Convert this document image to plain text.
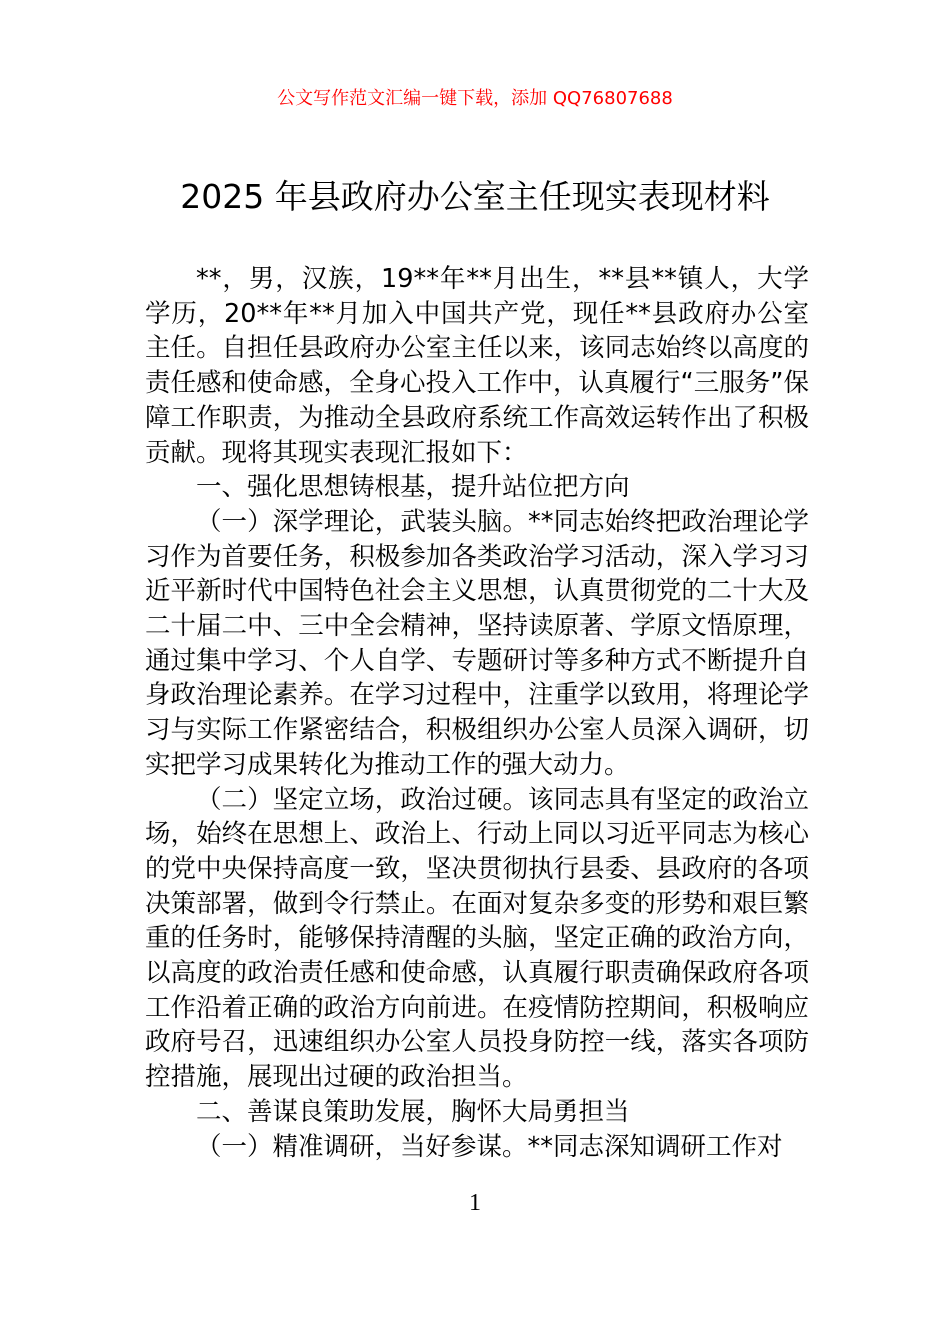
公文写作范文汇编一键下载，添加 QQ76807688
2025 年县政府办公室主任现实表现材料

**，男，汉族，19**年**月出生，**县**镇人，大学学历，20**年**月加入中国共产党，现任**县政府办公室主任。自担任县政府办公室主任以来，该同志始终以高度的责任感和使命感，全身心投入工作中，认真履行“三服务”保障工作职责，为推动全县政府系统工作高效运转作出了积极贡献。现将其现实表现汇报如下：

一、强化思想铸根基，提升站位把方向

（一）深学理论，武装头脑。**同志始终把政治理论学习作为首要任务，积极参加各类政治学习活动，深入学习习近平新时代中国特色社会主义思想，认真贯彻党的二十大及二十届二中、三中全会精神，坚持读原著、学原文悟原理，通过集中学习、个人自学、专题研讨等多种方式不断提升自身政治理论素养。在学习过程中，注重学以致用，将理论学习与实际工作紧密结合，积极组织办公室人员深入调研，切实把学习成果转化为推动工作的强大动力。

（二）坚定立场，政治过硬。该同志具有坚定的政治立场，始终在思想上、政治上、行动上同以习近平同志为核心的党中央保持高度一致，坚决贯彻执行县委、县政府的各项决策部署，做到令行禁止。在面对复杂多变的形势和艰巨繁重的任务时，能够保持清醒的头脑，坚定正确的政治方向，以高度的政治责任感和使命感，认真履行职责确保政府各项工作沿着正确的政治方向前进。在疫情防控期间，积极响应政府号召，迅速组织办公室人员投身防控一线，落实各项防控措施，展现出过硬的政治担当。

二、善谋良策助发展，胸怀大局勇担当

（一）精准调研，当好参谋。**同志深知调研工作对

1
